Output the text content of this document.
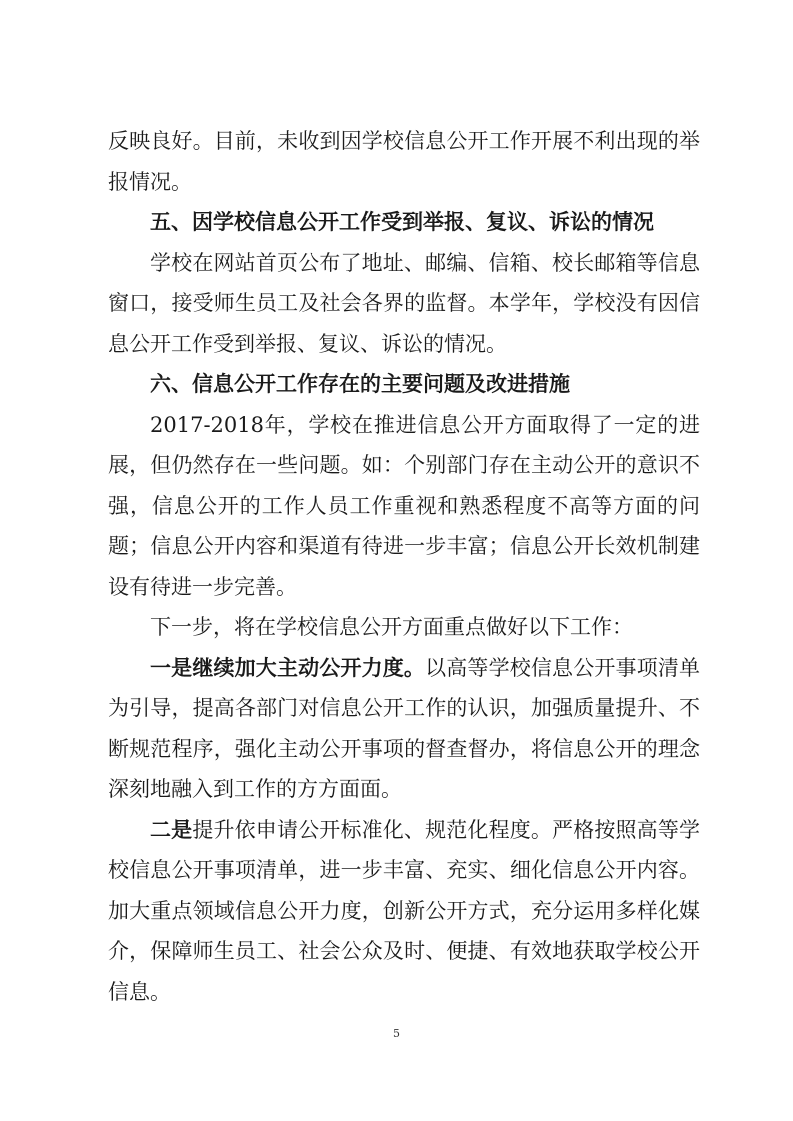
反映良好。目前，未收到因学校信息公开工作开展不利出现的举报情况。

五、因学校信息公开工作受到举报、复议、诉讼的情况

学校在网站首页公布了地址、邮编、信箱、校长邮箱等信息窗口，接受师生员工及社会各界的监督。本学年，学校没有因信息公开工作受到举报、复议、诉讼的情况。

六、信息公开工作存在的主要问题及改进措施

2017-2018年，学校在推进信息公开方面取得了一定的进展，但仍然存在一些问题。如：个别部门存在主动公开的意识不强，信息公开的工作人员工作重视和熟悉程度不高等方面的问题；信息公开内容和渠道有待进一步丰富；信息公开长效机制建设有待进一步完善。

下一步，将在学校信息公开方面重点做好以下工作：

一是继续加大主动公开力度。以高等学校信息公开事项清单为引导，提高各部门对信息公开工作的认识，加强质量提升、不断规范程序，强化主动公开事项的督查督办，将信息公开的理念深刻地融入到工作的方方面面。

二是提升依申请公开标准化、规范化程度。严格按照高等学校信息公开事项清单，进一步丰富、充实、细化信息公开内容。加大重点领域信息公开力度，创新公开方式，充分运用多样化媒介，保障师生员工、社会公众及时、便捷、有效地获取学校公开信息。

5
